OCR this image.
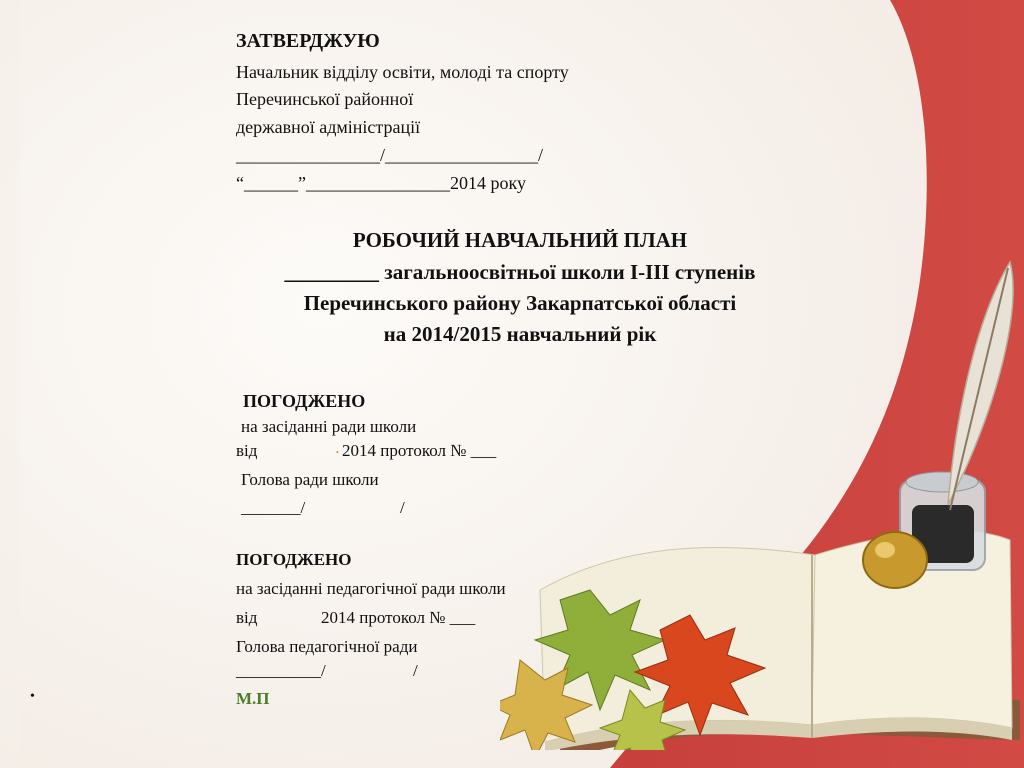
ЗАТВЕРДЖУЮ
Начальник відділу освіти, молоді та спорту
Перечинської районної
державної адміністрації
________________/_________________/
“______”________________2014 року
РОБОЧИЙ НАВЧАЛЬНИЙ ПЛАН
_________ загальноосвітньої школи І-ІІІ ступенів
Перечинського району Закарпатської області
на 2014/2015 навчальний рік
ПОГОДЖЕНО
на засіданні ради школи
від	• 2014 протокол № ___
Голова ради школи
_______/	/
ПОГОДЖЕНО
на засіданні педагогічної ради школи
від	2014 протокол № ___
Голова педагогічної ради
__________/	/
М.П
•
